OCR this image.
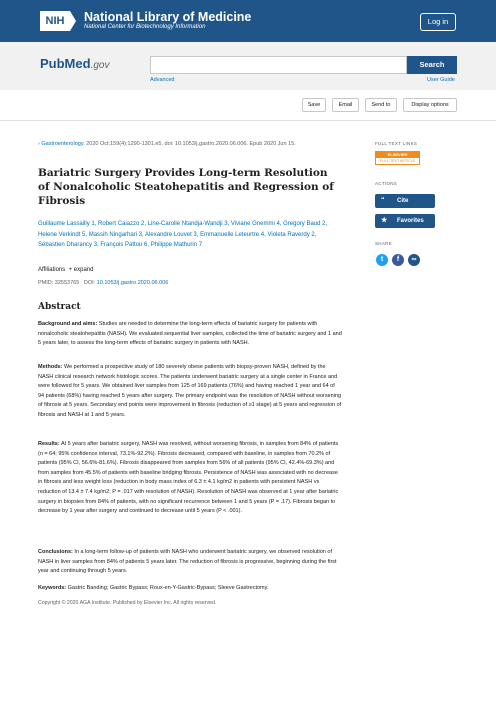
NIH	National Library of Medicine
National Center for Biotechnology Information
Log in
PubMed.gov	Search
Advanced	User Guide
Save	Email	Send to	Display options
› Gastroenterology. 2020 Oct;159(4):1290-1301.e5. doi: 10.1053/j.gastro.2020.06.006. Epub 2020 Jun 15.
Bariatric Surgery Provides Long-term Resolution of Nonalcoholic Steatohepatitis and Regression of Fibrosis
Guillaume Lassailly 1, Robert Caiazzo 2, Line-Carolle Ntandja-Wandji 3, Viviane Gnemmi 4, Gregory Baud 2, Helene Verkindt 5, Massih Ningarhari 3, Alexandre Louvet 3, Emmanuelle Leteurtre 4, Violeta Raverdy 2, Sébastien Dharancy 3, François Pattou 6, Philippe Mathurin 7
Affiliations + expand
PMID: 32553765 DOI: 10.1053/j.gastro.2020.06.006
Abstract

Background and aims: Studies are needed to determine the long-term effects of bariatric surgery for patients with nonalcoholic steatohepatitis (NASH). We evaluated sequential liver samples, collected the time of bariatric surgery and 1 and 5 years later, to assess the long-term effects of bariatric surgery in patients with NASH.

Methods: We performed a prospective study of 180 severely obese patients with biopsy-proven NASH, defined by the NASH clinical research network histologic scores. The patients underwent bariatric surgery at a single center in France and were followed for 5 years. We obtained liver samples from 125 of 169 patients (76%) and having reached 1 year and 64 of 94 patients (68%) having reached 5 years after surgery. The primary endpoint was the resolution of NASH without worsening of fibrosis at 5 years. Secondary end points were improvement in fibrosis (reduction of ≥1 stage) at 5 years and regression of fibrosis and NASH at 1 and 5 years.

Results: At 5 years after bariatric surgery, NASH was resolved, without worsening fibrosis, in samples from 84% of patients (n = 64; 95% confidence interval, 73.1%-92.2%). Fibrosis decreased, compared with baseline, in samples from 70.2% of patients (95% CI, 56.6%-81.6%). Fibrosis disappeared from samples from 56% of all patients (95% CI, 42.4%-69.3%) and from samples from 45.5% of patients with baseline bridging fibrosis. Persistence of NASH was associated with no decrease in fibrosis and less weight loss (reduction in body mass index of 6.3 ± 4.1 kg/m2 in patients with persistent NASH vs reduction of 13.4 ± 7.4 kg/m2; P = .017 with resolution of NASH). Resolution of NASH was observed at 1 year after bariatric surgery in biopsies from 84% of patients, with no significant recurrence between 1 and 5 years (P = .17). Fibrosis began to decrease by 1 year after surgery and continued to decrease until 5 years (P < .001).

Conclusions: In a long-term follow-up of patients with NASH who underwent bariatric surgery, we observed resolution of NASH in liver samples from 84% of patients 5 years later. The reduction of fibrosis is progressive, beginning during the first year and continuing through 5 years.

Keywords: Gastric Banding; Gastric Bypass; Roux-en-Y-Gastric-Bypass; Sleeve Gastrectomy.

Copyright © 2020 AGA Institute. Published by Elsevier Inc. All rights reserved.
FULL TEXT LINKS
ELSEVIER
FULL-TEXT ARTICLE
ACTIONS
“ Cite
★ Favorites
SHARE
t	f	∞
